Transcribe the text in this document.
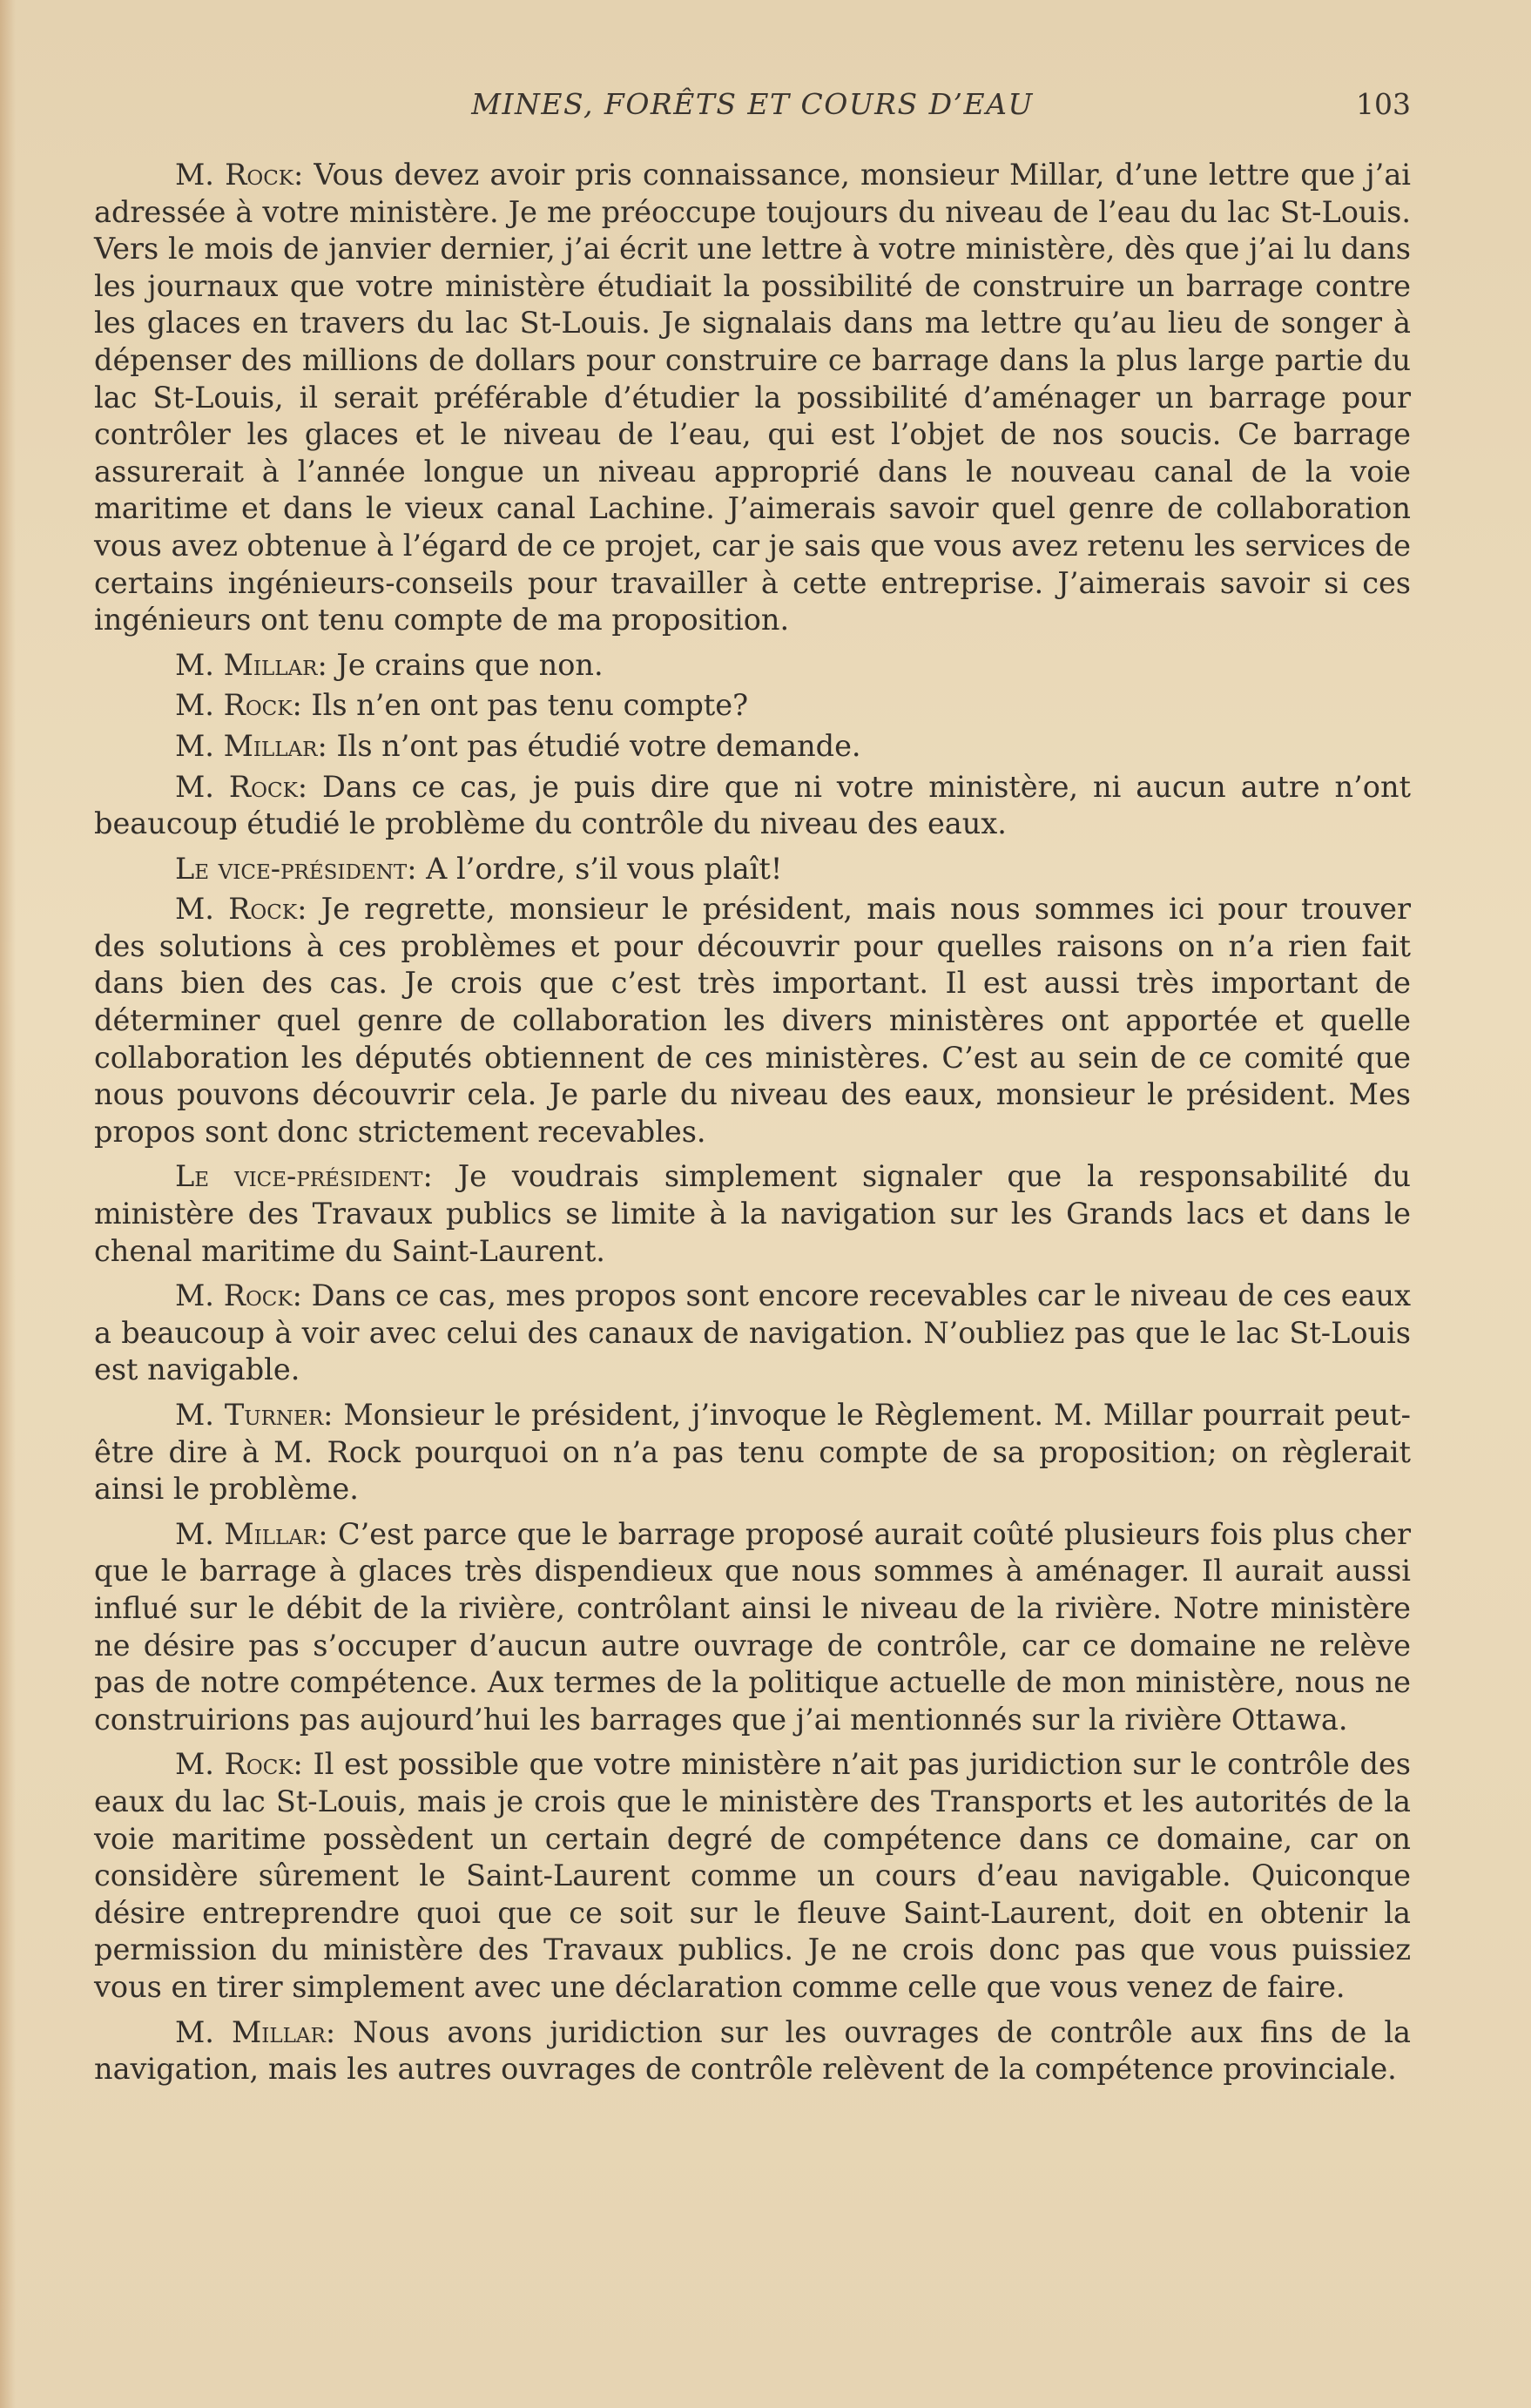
MINES, FORÊTS ET COURS D’EAU	103

M. Rock: Vous devez avoir pris connaissance, monsieur Millar, d’une lettre que j’ai adressée à votre ministère. Je me préoccupe toujours du niveau de l’eau du lac St-Louis. Vers le mois de janvier dernier, j’ai écrit une lettre à votre ministère, dès que j’ai lu dans les journaux que votre ministère étudiait la possibilité de construire un barrage contre les glaces en travers du lac St-Louis. Je signalais dans ma lettre qu’au lieu de songer à dépenser des millions de dollars pour construire ce barrage dans la plus large partie du lac St-Louis, il serait préférable d’étudier la possibilité d’aménager un barrage pour contrôler les glaces et le niveau de l’eau, qui est l’objet de nos soucis. Ce barrage assurerait à l’année longue un niveau approprié dans le nouveau canal de la voie maritime et dans le vieux canal Lachine. J’aimerais savoir quel genre de collaboration vous avez obtenue à l’égard de ce projet, car je sais que vous avez retenu les services de certains ingénieurs-conseils pour travailler à cette entreprise. J’aimerais savoir si ces ingénieurs ont tenu compte de ma proposition.

M. Millar: Je crains que non.

M. Rock: Ils n’en ont pas tenu compte?

M. Millar: Ils n’ont pas étudié votre demande.

M. Rock: Dans ce cas, je puis dire que ni votre ministère, ni aucun autre n’ont beaucoup étudié le problème du contrôle du niveau des eaux.

Le vice-président: A l’ordre, s’il vous plaît!

M. Rock: Je regrette, monsieur le président, mais nous sommes ici pour trouver des solutions à ces problèmes et pour découvrir pour quelles raisons on n’a rien fait dans bien des cas. Je crois que c’est très important. Il est aussi très important de déterminer quel genre de collaboration les divers ministères ont apportée et quelle collaboration les députés obtiennent de ces ministères. C’est au sein de ce comité que nous pouvons découvrir cela. Je parle du niveau des eaux, monsieur le président. Mes propos sont donc strictement recevables.

Le vice-président: Je voudrais simplement signaler que la responsabilité du ministère des Travaux publics se limite à la navigation sur les Grands lacs et dans le chenal maritime du Saint-Laurent.

M. Rock: Dans ce cas, mes propos sont encore recevables car le niveau de ces eaux a beaucoup à voir avec celui des canaux de navigation. N’oubliez pas que le lac St-Louis est navigable.

M. Turner: Monsieur le président, j’invoque le Règlement. M. Millar pourrait peut-être dire à M. Rock pourquoi on n’a pas tenu compte de sa proposition; on règlerait ainsi le problème.

M. Millar: C’est parce que le barrage proposé aurait coûté plusieurs fois plus cher que le barrage à glaces très dispendieux que nous sommes à aménager. Il aurait aussi influé sur le débit de la rivière, contrôlant ainsi le niveau de la rivière. Notre ministère ne désire pas s’occuper d’aucun autre ouvrage de contrôle, car ce domaine ne relève pas de notre compétence. Aux termes de la politique actuelle de mon ministère, nous ne construirions pas aujourd’hui les barrages que j’ai mentionnés sur la rivière Ottawa.

M. Rock: Il est possible que votre ministère n’ait pas juridiction sur le contrôle des eaux du lac St-Louis, mais je crois que le ministère des Transports et les autorités de la voie maritime possèdent un certain degré de compétence dans ce domaine, car on considère sûrement le Saint-Laurent comme un cours d’eau navigable. Quiconque désire entreprendre quoi que ce soit sur le fleuve Saint-Laurent, doit en obtenir la permission du ministère des Travaux publics. Je ne crois donc pas que vous puissiez vous en tirer simplement avec une déclaration comme celle que vous venez de faire.

M. Millar: Nous avons juridiction sur les ouvrages de contrôle aux fins de la navigation, mais les autres ouvrages de contrôle relèvent de la compétence provinciale.
